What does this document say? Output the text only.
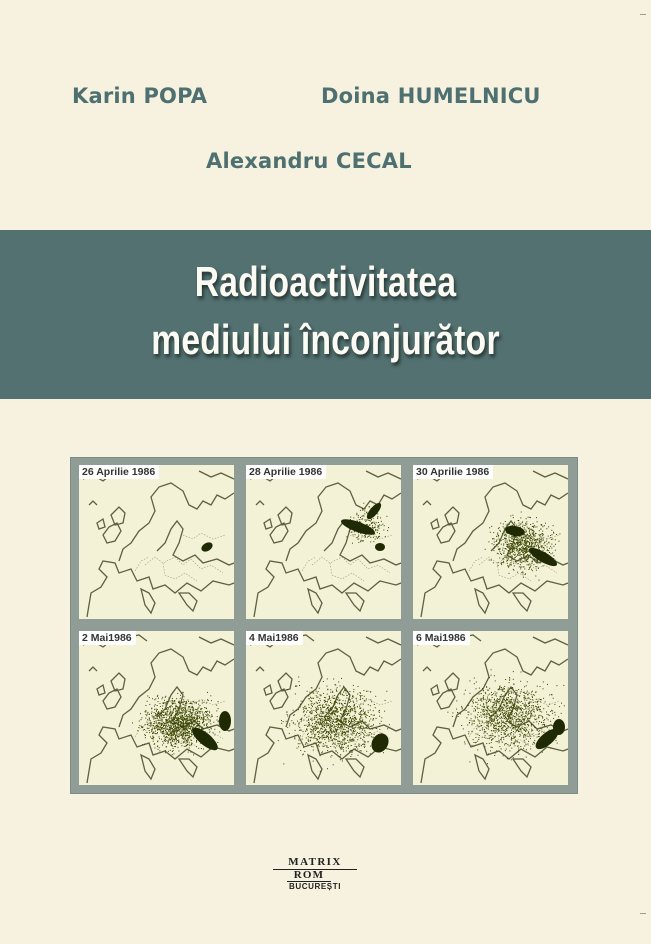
Karin POPA	Doina HUMELNICU
Alexandru CECAL
Radioactivitatea
mediului înconjurător
26 Aprilie 1986	28 Aprilie 1986	30 Aprilie 1986
2 Mai1986	4 Mai1986	6 Mai1986
MATRIX
ROM
BUCUREȘTI
